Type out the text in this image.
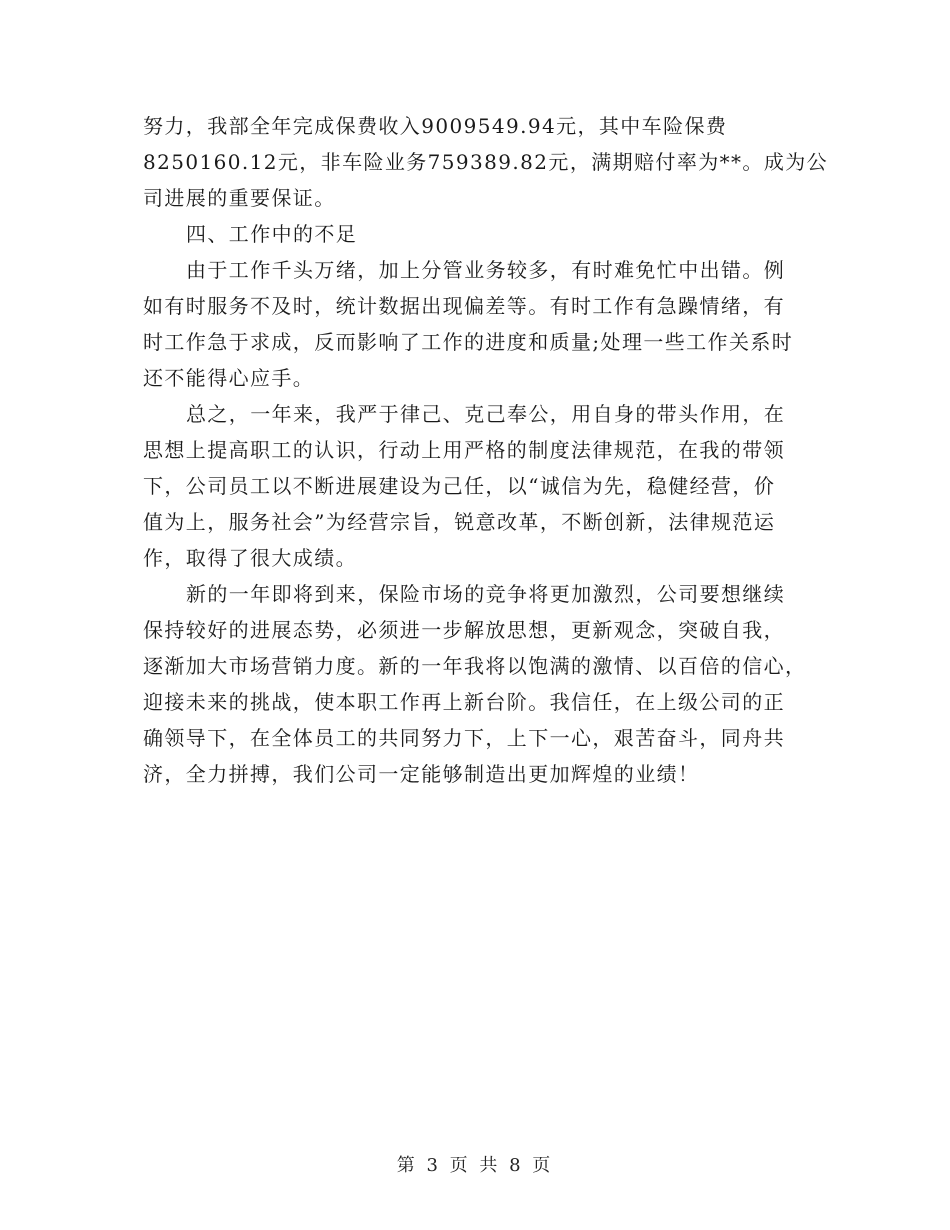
努力，我部全年完成保费收入9009549.94元，其中车险保费
8250160.12元，非车险业务759389.82元，满期赔付率为**。成为公
司进展的重要保证。
四、工作中的不足
由于工作千头万绪，加上分管业务较多，有时难免忙中出错。例
如有时服务不及时，统计数据出现偏差等。有时工作有急躁情绪，有
时工作急于求成，反而影响了工作的进度和质量;处理一些工作关系时
还不能得心应手。
总之，一年来，我严于律己、克己奉公，用自身的带头作用，在
思想上提高职工的认识，行动上用严格的制度法律规范，在我的带领
下，公司员工以不断进展建设为己任，以“诚信为先，稳健经营，价
值为上，服务社会”为经营宗旨，锐意改革，不断创新，法律规范运
作，取得了很大成绩。
新的一年即将到来，保险市场的竞争将更加激烈，公司要想继续
保持较好的进展态势，必须进一步解放思想，更新观念，突破自我，
逐渐加大市场营销力度。新的一年我将以饱满的激情、以百倍的信心，
迎接未来的挑战，使本职工作再上新台阶。我信任，在上级公司的正
确领导下，在全体员工的共同努力下，上下一心，艰苦奋斗，同舟共
济，全力拼搏，我们公司一定能够制造出更加辉煌的业绩！
第 3 页 共 8 页
